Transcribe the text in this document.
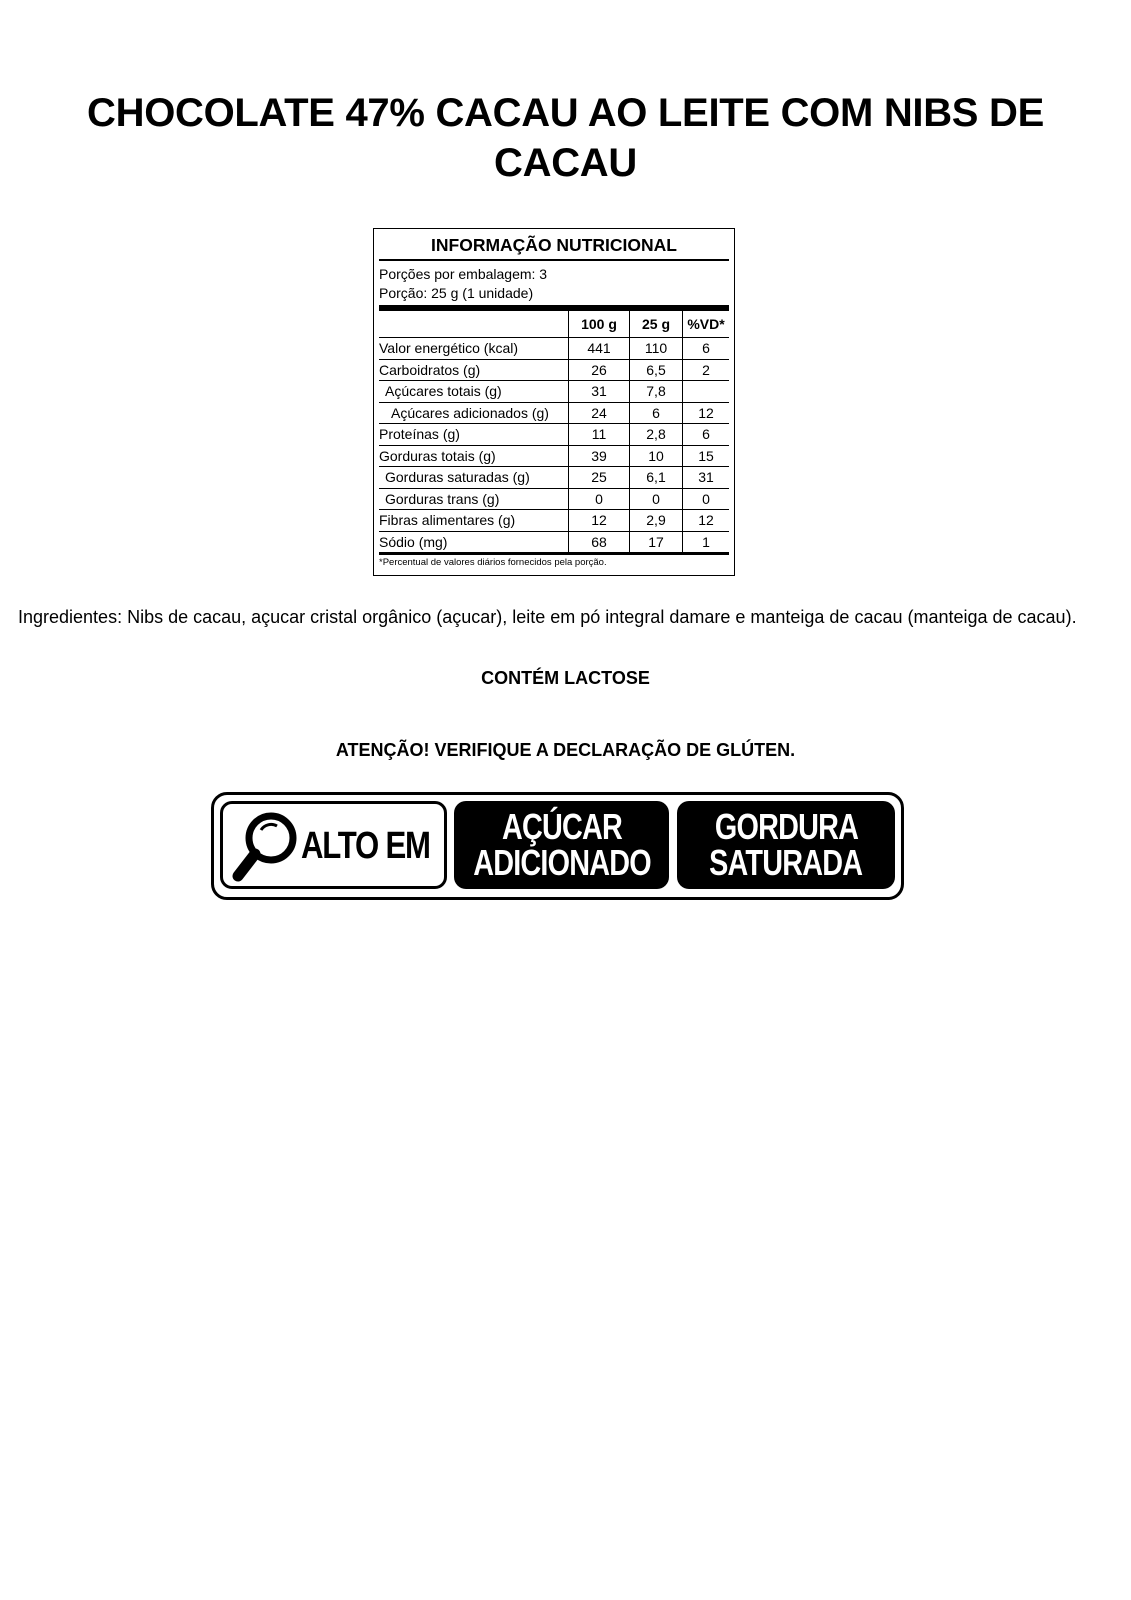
CHOCOLATE 47% CACAU AO LEITE COM NIBS DE CACAU
INFORMAÇÃO NUTRICIONAL
Porções por embalagem: 3
Porção: 25 g (1 unidade)
	100 g	25 g	%VD*
Valor energético (kcal)	441	110	6
Carboidratos (g)	26	6,5	2
Açúcares totais (g)	31	7,8	
Açúcares adicionados (g)	24	6	12
Proteínas (g)	11	2,8	6
Gorduras totais (g)	39	10	15
Gorduras saturadas (g)	25	6,1	31
Gorduras trans (g)	0	0	0
Fibras alimentares (g)	12	2,9	12
Sódio (mg)	68	17	1
*Percentual de valores diários fornecidos pela porção.
Ingredientes: Nibs de cacau, açucar cristal orgânico (açucar), leite em pó integral damare e manteiga de cacau (manteiga de cacau).
CONTÉM LACTOSE
ATENÇÃO! VERIFIQUE A DECLARAÇÃO DE GLÚTEN.
ALTO EM AÇÚCAR
ADICIONADO
GORDURA
SATURADA
